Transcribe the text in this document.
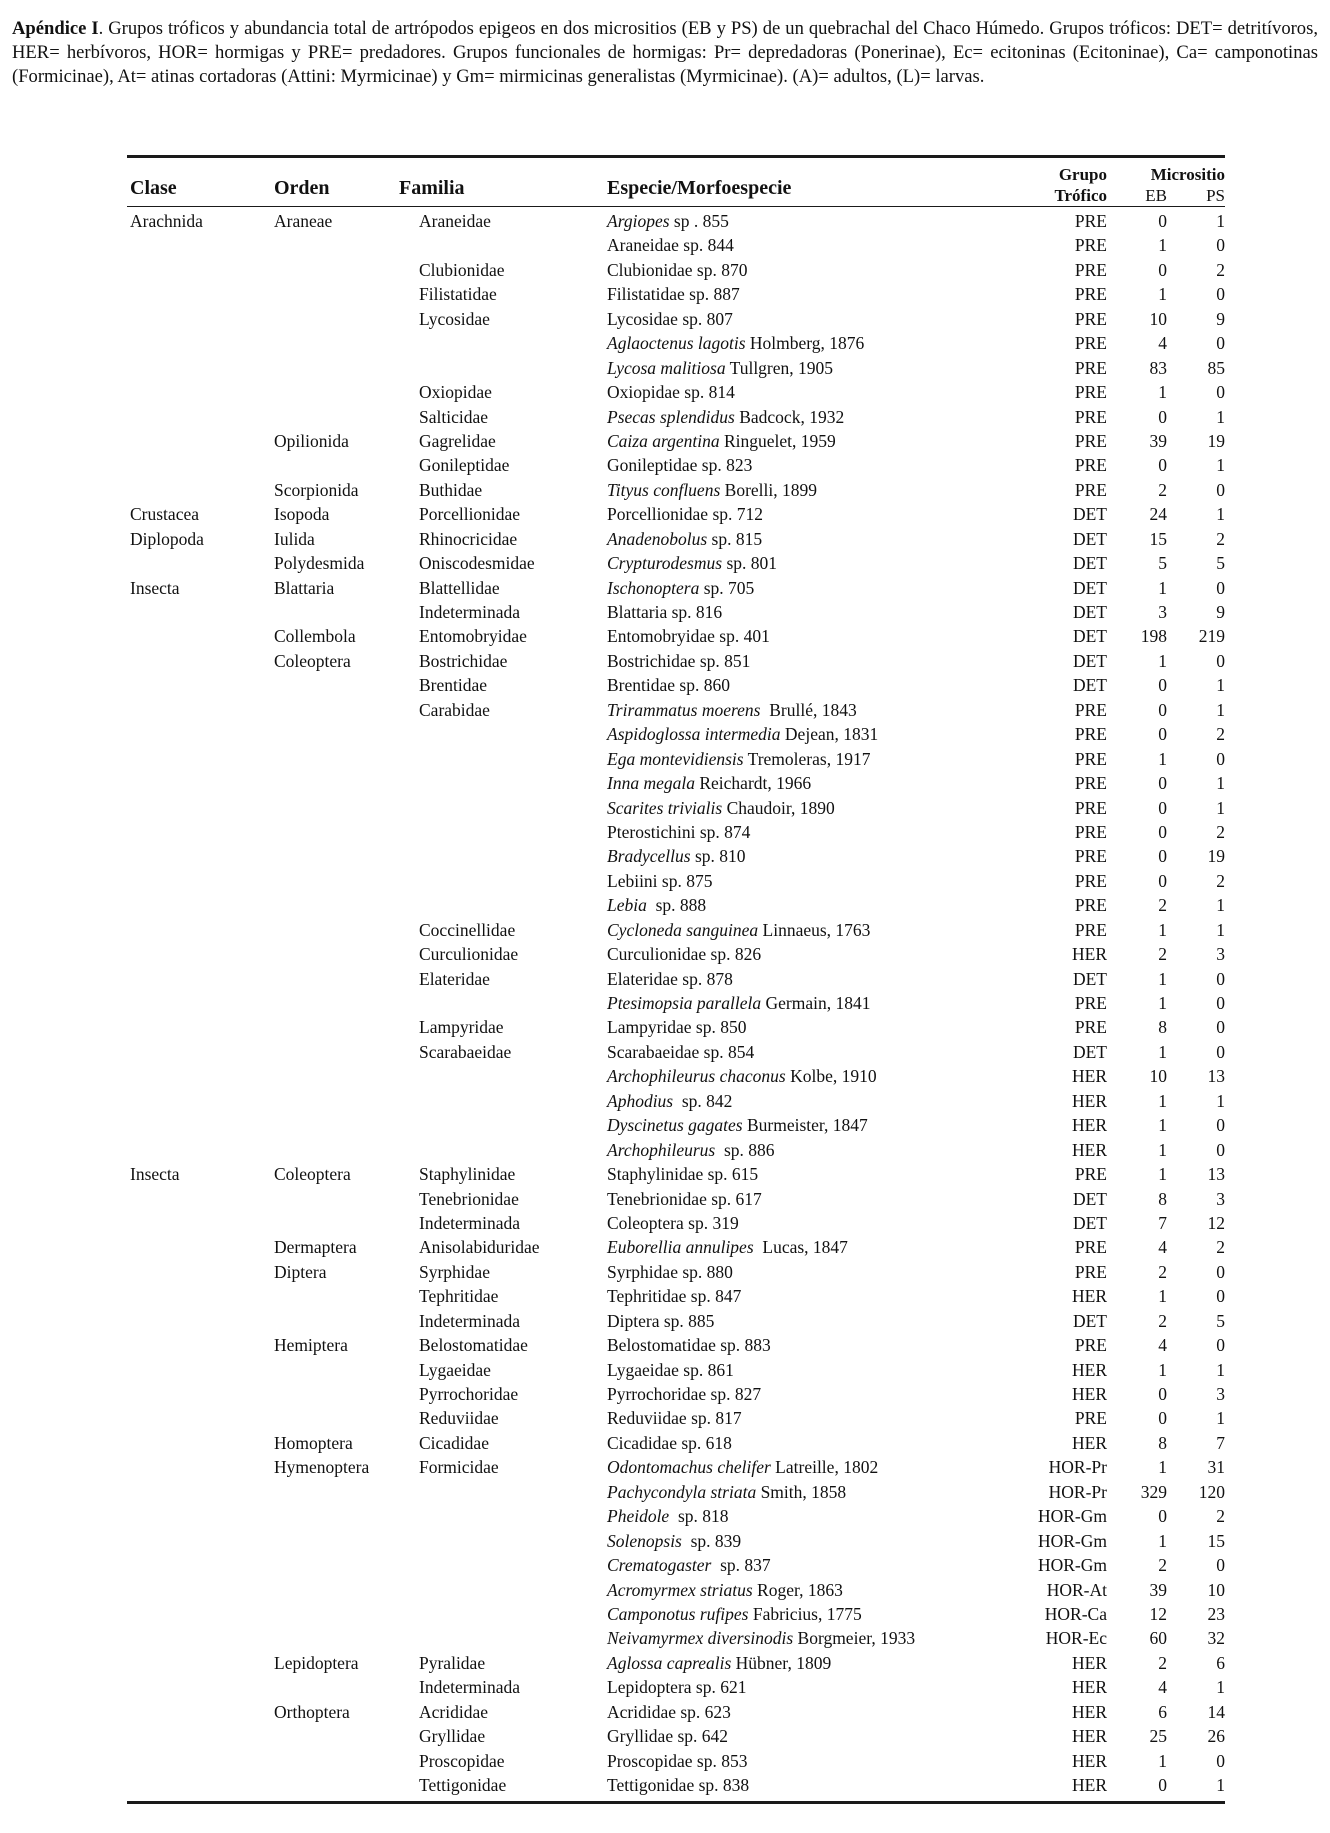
Apéndice I. Grupos tróficos y abundancia total de artrópodos epigeos en dos micrositios (EB y PS) de un quebrachal del Chaco Húmedo. Grupos tróficos: DET= detritívoros, HER= herbívoros, HOR= hormigas y PRE= predadores. Grupos funcionales de hormigas: Pr= depredadoras (Ponerinae), Ec= ecitoninas (Ecitoninae), Ca= camponotinas (Formicinae), At= atinas cortadoras (Attini: Myrmicinae) y Gm= mirmicinas generalistas (Myrmicinae). (A)= adultos, (L)= larvas.
Clase	Orden	Familia	Especie/Morfoespecie
Grupo
Trófico
Micrositio
EB	PS
Arachnida	Araneae	Araneidae	Argiopes sp . 855	PRE	0	1
Araneidae sp. 844	PRE	1	0
Clubionidae	Clubionidae sp. 870	PRE	0	2
Filistatidae	Filistatidae sp. 887	PRE	1	0
Lycosidae	Lycosidae sp. 807	PRE	10	9
Aglaoctenus lagotis Holmberg, 1876	PRE	4	0
Lycosa malitiosa Tullgren, 1905	PRE	83	85
Oxiopidae	Oxiopidae sp. 814	PRE	1	0
Salticidae	Psecas splendidus Badcock, 1932	PRE	0	1
Opilionida	Gagrelidae	Caiza argentina Ringuelet, 1959	PRE	39	19
Gonileptidae	Gonileptidae sp. 823	PRE	0	1
Scorpionida	Buthidae	Tityus confluens Borelli, 1899	PRE	2	0
Crustacea	Isopoda	Porcellionidae	Porcellionidae sp. 712	DET	24	1
Diplopoda	Iulida	Rhinocricidae	Anadenobolus sp. 815	DET	15	2
Polydesmida	Oniscodesmidae	Crypturodesmus sp. 801	DET	5	5
Insecta	Blattaria	Blattellidae	Ischonoptera sp. 705	DET	1	0
Indeterminada	Blattaria sp. 816	DET	3	9
Collembola	Entomobryidae	Entomobryidae sp. 401	DET	198	219
Coleoptera	Bostrichidae	Bostrichidae sp. 851	DET	1	0
Brentidae	Brentidae sp. 860	DET	0	1
Carabidae	Trirammatus moerens  Brullé, 1843	PRE	0	1
Aspidoglossa intermedia Dejean, 1831	PRE	0	2
Ega montevidiensis Tremoleras, 1917	PRE	1	0
Inna megala Reichardt, 1966	PRE	0	1
Scarites trivialis Chaudoir, 1890	PRE	0	1
Pterostichini sp. 874	PRE	0	2
Bradycellus sp. 810	PRE	0	19
Lebiini sp. 875	PRE	0	2
Lebia  sp. 888	PRE	2	1
Coccinellidae	Cycloneda sanguinea Linnaeus, 1763	PRE	1	1
Curculionidae	Curculionidae sp. 826	HER	2	3
Elateridae	Elateridae sp. 878	DET	1	0
Ptesimopsia parallela Germain, 1841	PRE	1	0
Lampyridae	Lampyridae sp. 850	PRE	8	0
Scarabaeidae	Scarabaeidae sp. 854	DET	1	0
Archophileurus chaconus Kolbe, 1910	HER	10	13
Aphodius  sp. 842	HER	1	1
Dyscinetus gagates Burmeister, 1847	HER	1	0
Archophileurus  sp. 886	HER	1	0
Insecta	Coleoptera	Staphylinidae	Staphylinidae sp. 615	PRE	1	13
Tenebrionidae	Tenebrionidae sp. 617	DET	8	3
Indeterminada	Coleoptera sp. 319	DET	7	12
Dermaptera	Anisolabiduridae	Euborellia annulipes  Lucas, 1847	PRE	4	2
Diptera	Syrphidae	Syrphidae sp. 880	PRE	2	0
Tephritidae	Tephritidae sp. 847	HER	1	0
Indeterminada	Diptera sp. 885	DET	2	5
Hemiptera	Belostomatidae	Belostomatidae sp. 883	PRE	4	0
Lygaeidae	Lygaeidae sp. 861	HER	1	1
Pyrrochoridae	Pyrrochoridae sp. 827	HER	0	3
Reduviidae	Reduviidae sp. 817	PRE	0	1
Homoptera	Cicadidae	Cicadidae sp. 618	HER	8	7
Hymenoptera	Formicidae	Odontomachus chelifer Latreille, 1802	HOR-Pr	1	31
Pachycondyla striata Smith, 1858	HOR-Pr	329	120
Pheidole  sp. 818	HOR-Gm	0	2
Solenopsis  sp. 839	HOR-Gm	1	15
Crematogaster  sp. 837	HOR-Gm	2	0
Acromyrmex striatus Roger, 1863	HOR-At	39	10
Camponotus rufipes Fabricius, 1775	HOR-Ca	12	23
Neivamyrmex diversinodis Borgmeier, 1933	HOR-Ec	60	32
Lepidoptera	Pyralidae	Aglossa caprealis Hübner, 1809	HER	2	6
Indeterminada	Lepidoptera sp. 621	HER	4	1
Orthoptera	Acrididae	Acrididae sp. 623	HER	6	14
Gryllidae	Gryllidae sp. 642	HER	25	26
Proscopidae	Proscopidae sp. 853	HER	1	0
Tettigonidae	Tettigonidae sp. 838	HER	0	1
